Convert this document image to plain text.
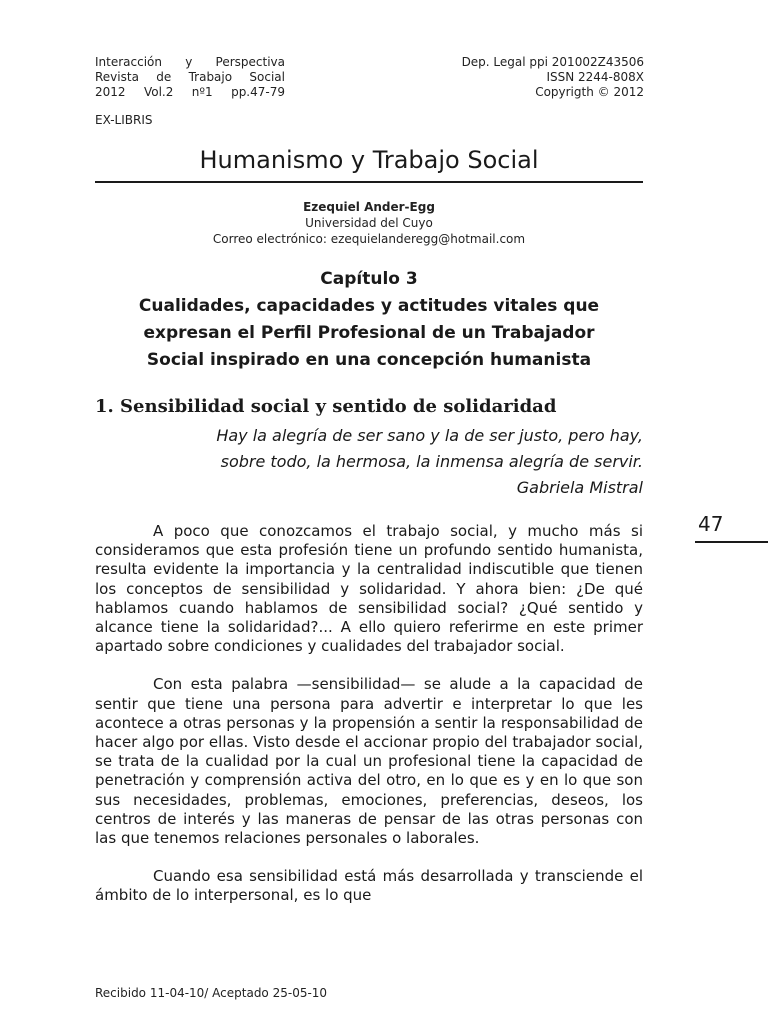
Interacción y Perspectiva
Revista de Trabajo Social
2012 Vol.2 nº1 pp.47-79
Dep. Legal ppi 201002Z43506
ISSN 2244-808X
Copyrigth © 2012
EX-LIBRIS
Humanismo y Trabajo Social
Ezequiel Ander-Egg
Universidad del Cuyo
Correo electrónico: ezequielanderegg@hotmail.com
Capítulo 3
Cualidades, capacidades y actitudes vitales que
expresan el Perfil Profesional de un Trabajador
Social inspirado en una concepción humanista
1. Sensibilidad social y sentido de solidaridad
Hay la alegría de ser sano y la de ser justo, pero hay,
sobre todo, la hermosa, la inmensa alegría de servir.
Gabriela Mistral
47

A poco que conozcamos el trabajo social, y mucho más si consideramos que esta profesión tiene un profundo sentido humanista, resulta evidente la importancia y la centralidad indiscutible que tienen los conceptos de sensibilidad y solidaridad. Y ahora bien: ¿De qué hablamos cuando hablamos de sensibilidad social? ¿Qué sentido y alcance tiene la solidaridad?... A ello quiero referirme en este primer apartado sobre condiciones y cualidades del trabajador social.

Con esta palabra —sensibilidad— se alude a la capacidad de sentir que tiene una persona para advertir e interpretar lo que les acontece a otras personas y la propensión a sentir la responsabilidad de hacer algo por ellas. Visto desde el accionar propio del trabajador social, se trata de la cualidad por la cual un profesional tiene la capacidad de penetración y comprensión activa del otro, en lo que es y en lo que son sus necesidades, problemas, emociones, preferencias, deseos, los centros de interés y las maneras de pensar de las otras personas con las que tenemos relaciones personales o laborales.

Cuando esa sensibilidad está más desarrollada y transciende el ámbito de lo interpersonal, es lo que

Recibido 11-04-10/ Aceptado 25-05-10
